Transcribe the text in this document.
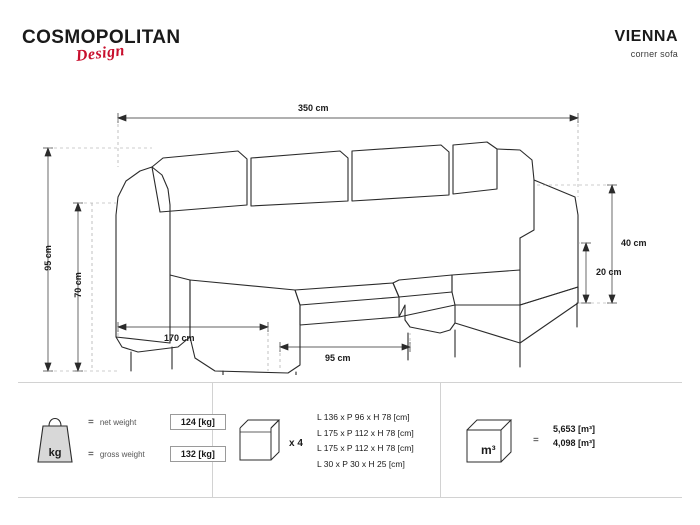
COSMOPOLITAN
Design
VIENNA
corner sofa
350 cm
95 cm
70 cm
40 cm
20 cm
170 cm
95 cm
kg
= net weight	124 [kg]
= gross weight	132 [kg]
x 4
L 136 x P 96 x H 78 [cm]
L 175 x P 112 x H 78 [cm]
L 175 x P 112 x H 78 [cm]
L 30 x P 30 x H 25 [cm]
m³
=
5,653 [m³]
4,098 [m³]
